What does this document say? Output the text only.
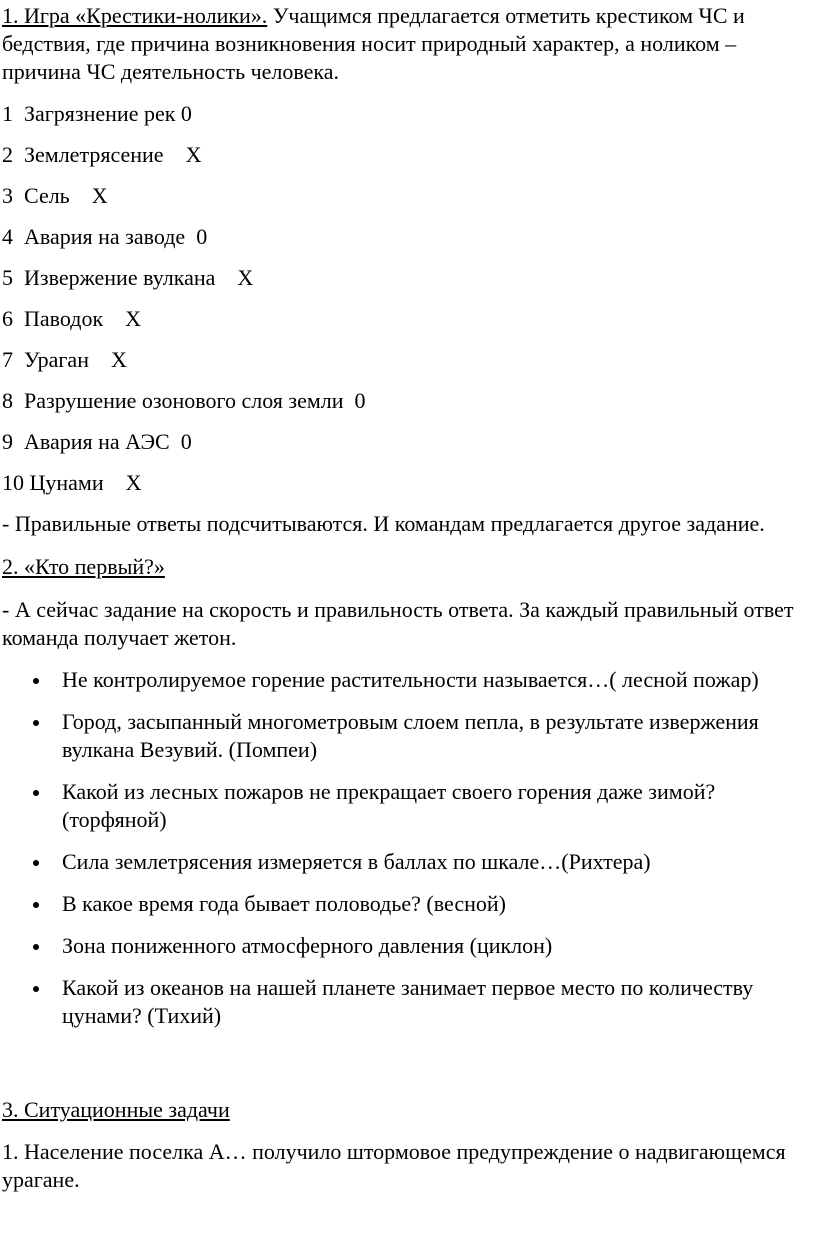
1. Игра «Крестики-нолики». Учащимся предлагается отметить крестиком ЧС и бедствия, где причина возникновения носит природный характер, а ноликом – причина ЧС деятельность человека.

1 Загрязнение рек 0

2 Землетрясение Х

3 Сель Х

4 Авария на заводе 0

5 Извержение вулкана Х

6 Паводок Х

7 Ураган Х

8 Разрушение озонового слоя земли 0

9 Авария на АЭС 0

10 Цунами Х

- Правильные ответы подсчитываются. И командам предлагается другое задание.

2. «Кто первый?»

- А сейчас задание на скорость и правильность ответа. За каждый правильный ответ команда получает жетон.

Не контролируемое горение растительности называется…( лесной пожар)
Город, засыпанный многометровым слоем пепла, в результате извержения вулкана Везувий. (Помпеи)
Какой из лесных пожаров не прекращает своего горения даже зимой?           (торфяной)
Сила землетрясения измеряется в баллах по шкале…(Рихтера)
В какое время года бывает половодье? (весной)
Зона пониженного атмосферного давления (циклон)
Какой из океанов на нашей планете занимает первое место по количеству цунами? (Тихий)

3. Ситуационные задачи

1. Население поселка А… получило штормовое предупреждение о надвигающемся урагане.
